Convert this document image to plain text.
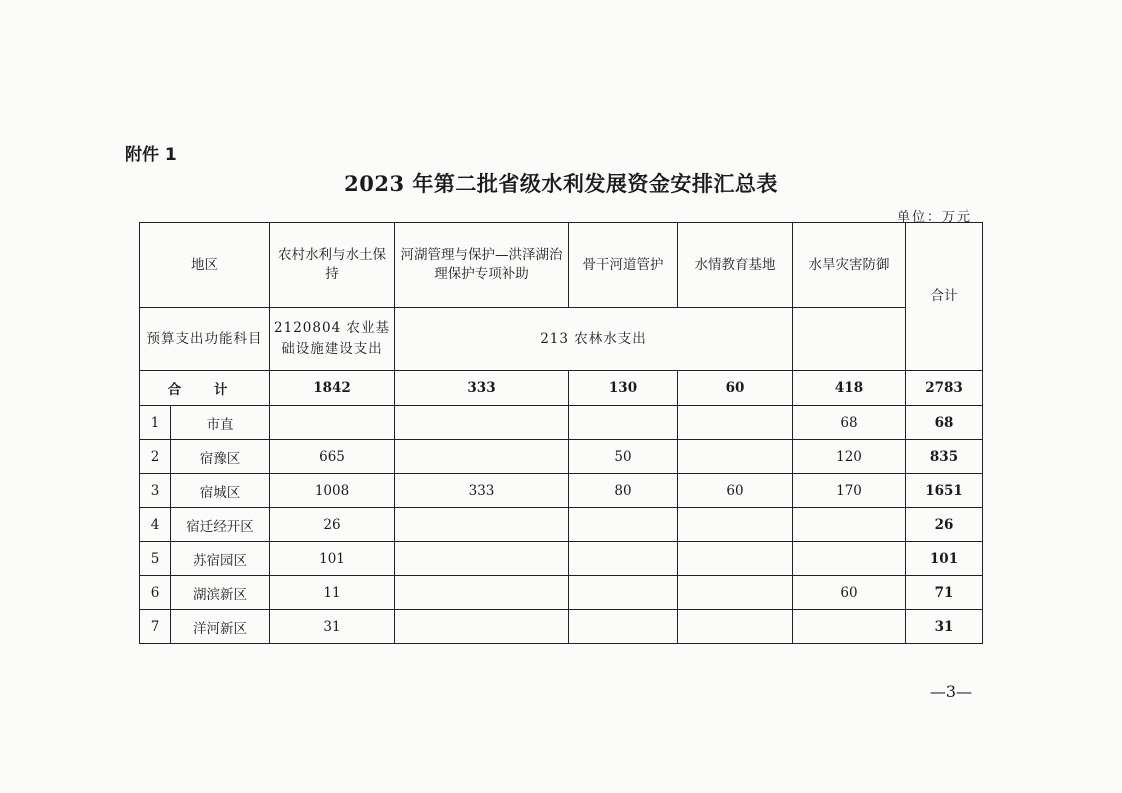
附件 1
2023 年第二批省级水利发展资金安排汇总表
单位：万元
地区		农村水利与水土保持	河湖管理与保护—洪泽湖治理保护专项补助	骨干河道管护	水情教育基地	水旱灾害防御	合计
预算支出功能科目		2120804 农业基础设施建设支出	213 农林水支出				
合 计		1842	333	130	60	418	2783
1	市直					68	68
2	宿豫区	665		50		120	835
3	宿城区	1008	333	80	60	170	1651
4	宿迁经开区	26					26
5	苏宿园区	101					101
6	湖滨新区	11				60	71
7	洋河新区	31					31
—3—
